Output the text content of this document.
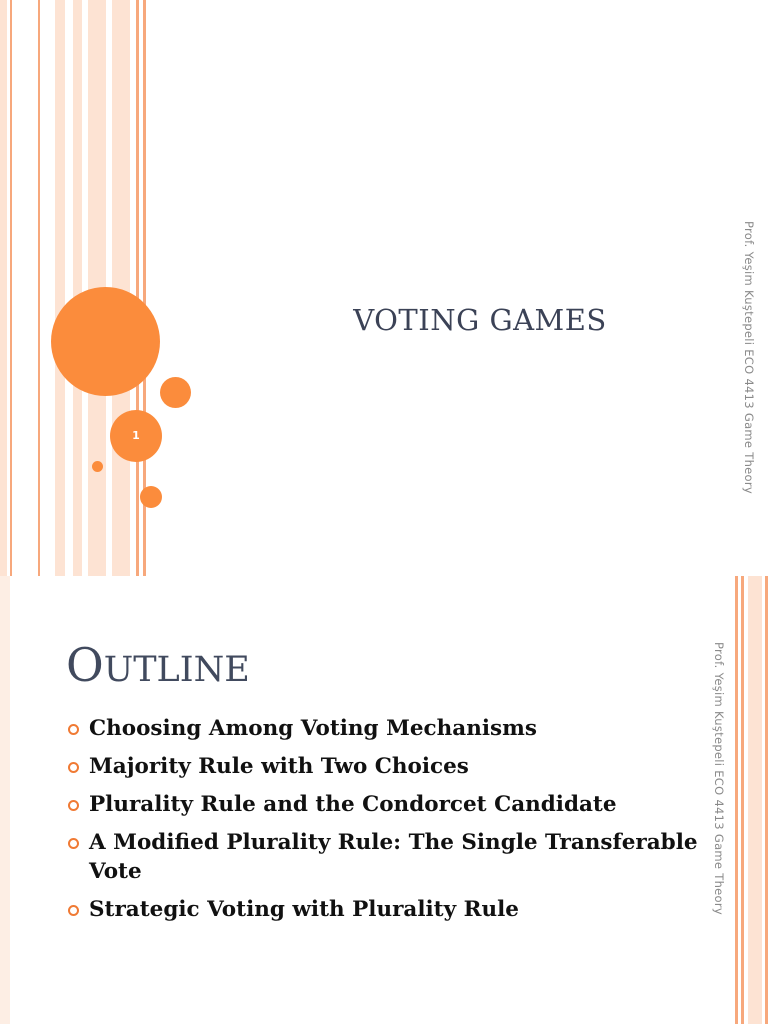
1
VOTING GAMES	Prof. Yeşim Kuştepeli ECO 4413 Game Theory
Prof. Yeşim Kuştepeli ECO 4413 Game Theory
OUTLINE
Choosing Among Voting Mechanisms
Majority Rule with Two Choices
Plurality Rule and the Condorcet Candidate
A Modified Plurality Rule: The Single Transferable Vote
Strategic Voting with Plurality Rule
